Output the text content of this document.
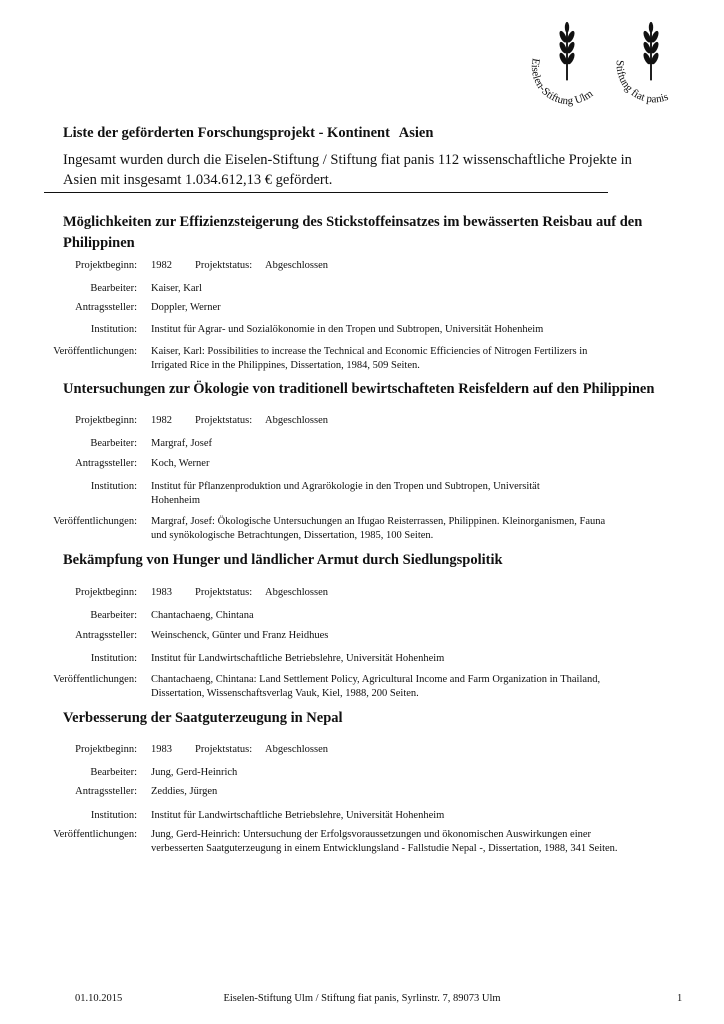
Eiselen-Stiftung Ulm
Stiftung fiat panis
Liste der geförderten Forschungsprojekt - Kontinent Asien
Ingesamt wurden durch die Eiselen-Stiftung / Stiftung fiat panis 112 wissenschaftliche Projekte in Asien mit insgesamt 1.034.612,13 € gefördert.
Möglichkeiten zur Effizienzsteigerung des Stickstoffeinsatzes im bewässerten Reisbau auf den Philippinen
Projektbeginn: 1982 Projektstatus: Abgeschlossen
Bearbeiter: Kaiser, Karl
Antragssteller: Doppler, Werner
Institution: Institut für Agrar- und Sozialökonomie in den Tropen und Subtropen, Universität Hohenheim
Veröffentlichungen: Kaiser, Karl: Possibilities to increase the Technical and Economic Efficiencies of Nitrogen Fertilizers in Irrigated Rice in the Philippines, Dissertation, 1984, 509 Seiten.
Untersuchungen zur Ökologie von traditionell bewirtschafteten Reisfeldern auf den Philippinen
Projektbeginn: 1982 Projektstatus: Abgeschlossen
Bearbeiter: Margraf, Josef
Antragssteller: Koch, Werner
Institution: Institut für Pflanzenproduktion und Agrarökologie in den Tropen und Subtropen, Universität Hohenheim
Veröffentlichungen: Margraf, Josef: Ökologische Untersuchungen an Ifugao Reisterrassen, Philippinen. Kleinorganismen, Fauna und synökologische Betrachtungen, Dissertation, 1985, 100 Seiten.
Bekämpfung von Hunger und ländlicher Armut durch Siedlungspolitik
Projektbeginn: 1983 Projektstatus: Abgeschlossen
Bearbeiter: Chantachaeng, Chintana
Antragssteller: Weinschenck, Günter und Franz Heidhues
Institution: Institut für Landwirtschaftliche Betriebslehre, Universität Hohenheim
Veröffentlichungen: Chantachaeng, Chintana: Land Settlement Policy, Agricultural Income and Farm Organization in Thailand, Dissertation, Wissenschaftsverlag Vauk, Kiel, 1988, 200 Seiten.
Verbesserung der Saatguterzeugung in Nepal
Projektbeginn: 1983 Projektstatus: Abgeschlossen
Bearbeiter: Jung, Gerd-Heinrich
Antragssteller: Zeddies, Jürgen
Institution: Institut für Landwirtschaftliche Betriebslehre, Universität Hohenheim
Veröffentlichungen: Jung, Gerd-Heinrich: Untersuchung der Erfolgsvoraussetzungen und ökonomischen Auswirkungen einer verbesserten Saatguterzeugung in einem Entwicklungsland - Fallstudie Nepal -, Dissertation, 1988, 341 Seiten.
01.10.2015	Eiselen-Stiftung Ulm / Stiftung fiat panis, Syrlinstr. 7, 89073 Ulm	1
